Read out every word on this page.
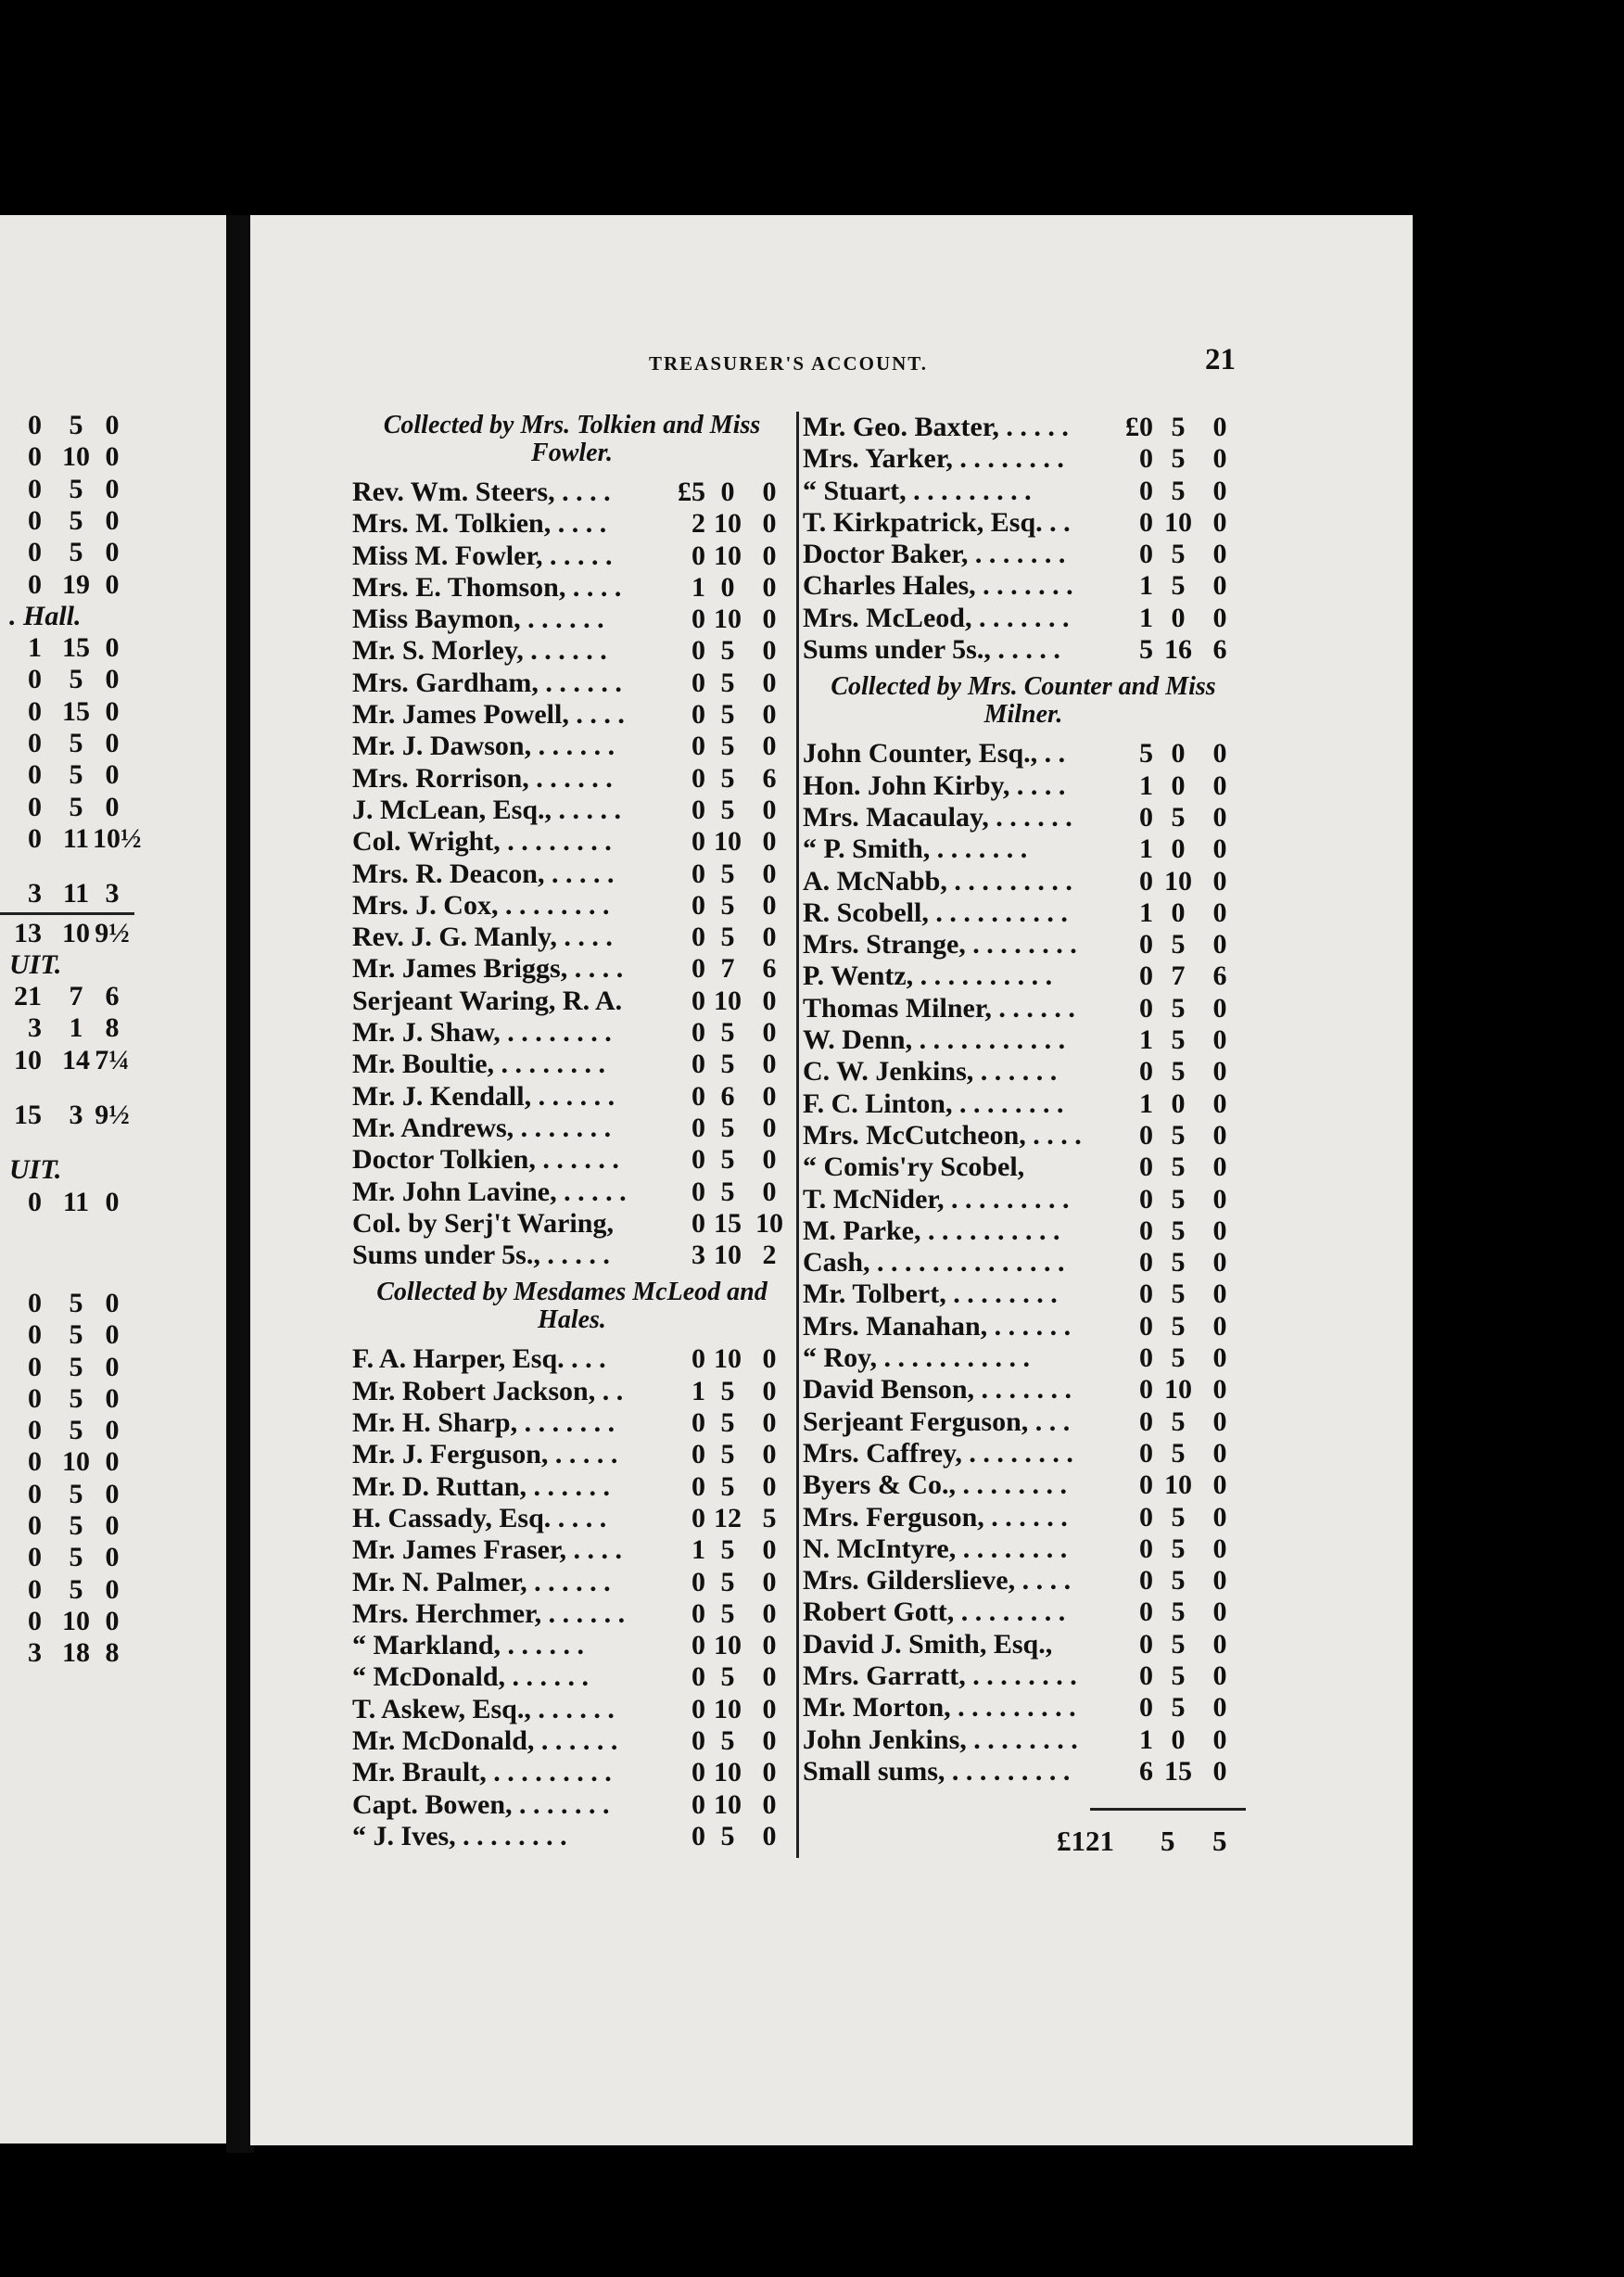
0 5 0
0 10 0
0 5 0
0 5 0
0 5 0
0 19 0
. Hall.
1 15 0
0 5 0
0 15 0
0 5 0
0 5 0
0 5 0
0 11 10½
3 11 3
13 10 9½
UIT.
21 7 6
3 1 8
10 14 7¼
15 3 9½
UIT.
0 11 0
0 5 0
0 5 0
0 5 0
0 5 0
0 5 0
0 10 0
0 5 0
0 5 0
0 5 0
0 5 0
0 10 0
3 18 8
TREASURER'S ACCOUNT.	21
Collected by Mrs. Tolkien and Miss Fowler.
Rev. Wm. Steers, . . . .	£5 0	0
Mrs. M. Tolkien, . . . .	2 10 0
Miss M. Fowler, . . . . .	0 10 0
Mrs. E. Thomson, . . . .	1 0	0
Miss Baymon, . . . . . .	0 10 0
Mr. S. Morley, . . . . . .	0 5	0
Mrs. Gardham, . . . . . .	0 5	0
Mr. James Powell, . . . .	0 5	0
Mr. J. Dawson, . . . . . .	0 5	0
Mrs. Rorrison, . . . . . .	0 5	6
J. McLean, Esq., . . . . .	0 5	0
Col. Wright, . . . . . . . .	0 10 0
Mrs. R. Deacon, . . . . .	0 5	0
Mrs. J. Cox, . . . . . . . .	0 5	0
Rev. J. G. Manly, . . . .	0 5	0
Mr. James Briggs, . . . .	0 7	6
Serjeant Waring, R. A.	0 10 0
Mr. J. Shaw, . . . . . . . .	0 5	0
Mr. Boultie, . . . . . . . .	0 5	0
Mr. J. Kendall, . . . . . .	0 6	0
Mr. Andrews, . . . . . . .	0 5	0
Doctor Tolkien, . . . . . .	0 5	0
Mr. John Lavine, . . . . .	0 5	0
Col. by Serj't Waring,	0 15 10
Sums under 5s., . . . . .	3 10 2
Collected by Mesdames McLeod and Hales.
F. A. Harper, Esq. . . .	0 10 0
Mr. Robert Jackson, . .	1 5	0
Mr. H. Sharp, . . . . . . .	0 5	0
Mr. J. Ferguson, . . . . .	0 5	0
Mr. D. Ruttan, . . . . . .	0 5	0
H. Cassady, Esq. . . . .	0 12 5
Mr. James Fraser, . . . .	1 5	0
Mr. N. Palmer, . . . . . .	0 5	0
Mrs. Herchmer, . . . . . .	0 5	0
“ Markland, . . . . . .	0 10 0
“ McDonald, . . . . . .	0 5	0
T. Askew, Esq., . . . . . .	0 10 0
Mr. McDonald, . . . . . .	0 5	0
Mr. Brault, . . . . . . . . .	0 10 0
Capt. Bowen, . . . . . . .	0 10 0
“ J. Ives, . . . . . . . .	0 5	0
Mr. Geo. Baxter, . . . . .	£0 5	0
Mrs. Yarker, . . . . . . . .	0 5	0
“ Stuart, . . . . . . . . .	0 5	0
T. Kirkpatrick, Esq. . .	0 10 0
Doctor Baker, . . . . . . .	0 5	0
Charles Hales, . . . . . . .	1 5	0
Mrs. McLeod, . . . . . . .	1 0	0
Sums under 5s., . . . . .	5 16 6
Collected by Mrs. Counter and Miss Milner.
John Counter, Esq., . .	5 0	0
Hon. John Kirby, . . . .	1 0	0
Mrs. Macaulay, . . . . . .	0 5	0
“ P. Smith, . . . . . . .	1 0	0
A. McNabb, . . . . . . . . .	0 10 0
R. Scobell, . . . . . . . . . .	1 0	0
Mrs. Strange, . . . . . . . .	0 5	0
P. Wentz, . . . . . . . . . .	0 7	6
Thomas Milner, . . . . . .	0 5	0
W. Denn, . . . . . . . . . . .	1 5	0
C. W. Jenkins, . . . . . .	0 5	0
F. C. Linton, . . . . . . . .	1 0	0
Mrs. McCutcheon, . . . .	0 5	0
“ Comis'ry Scobel,	0 5	0
T. McNider, . . . . . . . . .	0 5	0
M. Parke, . . . . . . . . . .	0 5	0
Cash, . . . . . . . . . . . . . .	0 5	0
Mr. Tolbert, . . . . . . . .	0 5	0
Mrs. Manahan, . . . . . .	0 5	0
“ Roy, . . . . . . . . . . .	0 5	0
David Benson, . . . . . . .	0 10 0
Serjeant Ferguson, . . .	0 5	0
Mrs. Caffrey, . . . . . . . .	0 5	0
Byers & Co., . . . . . . . .	0 10 0
Mrs. Ferguson, . . . . . .	0 5	0
N. McIntyre, . . . . . . . .	0 5	0
Mrs. Gilderslieve, . . . .	0 5	0
Robert Gott, . . . . . . . .	0 5	0
David J. Smith, Esq.,	0 5	0
Mrs. Garratt, . . . . . . . .	0 5	0
Mr. Morton, . . . . . . . . .	0 5	0
John Jenkins, . . . . . . . .	1 0	0
Small sums, . . . . . . . . .	6 15 0
£121 5 5
